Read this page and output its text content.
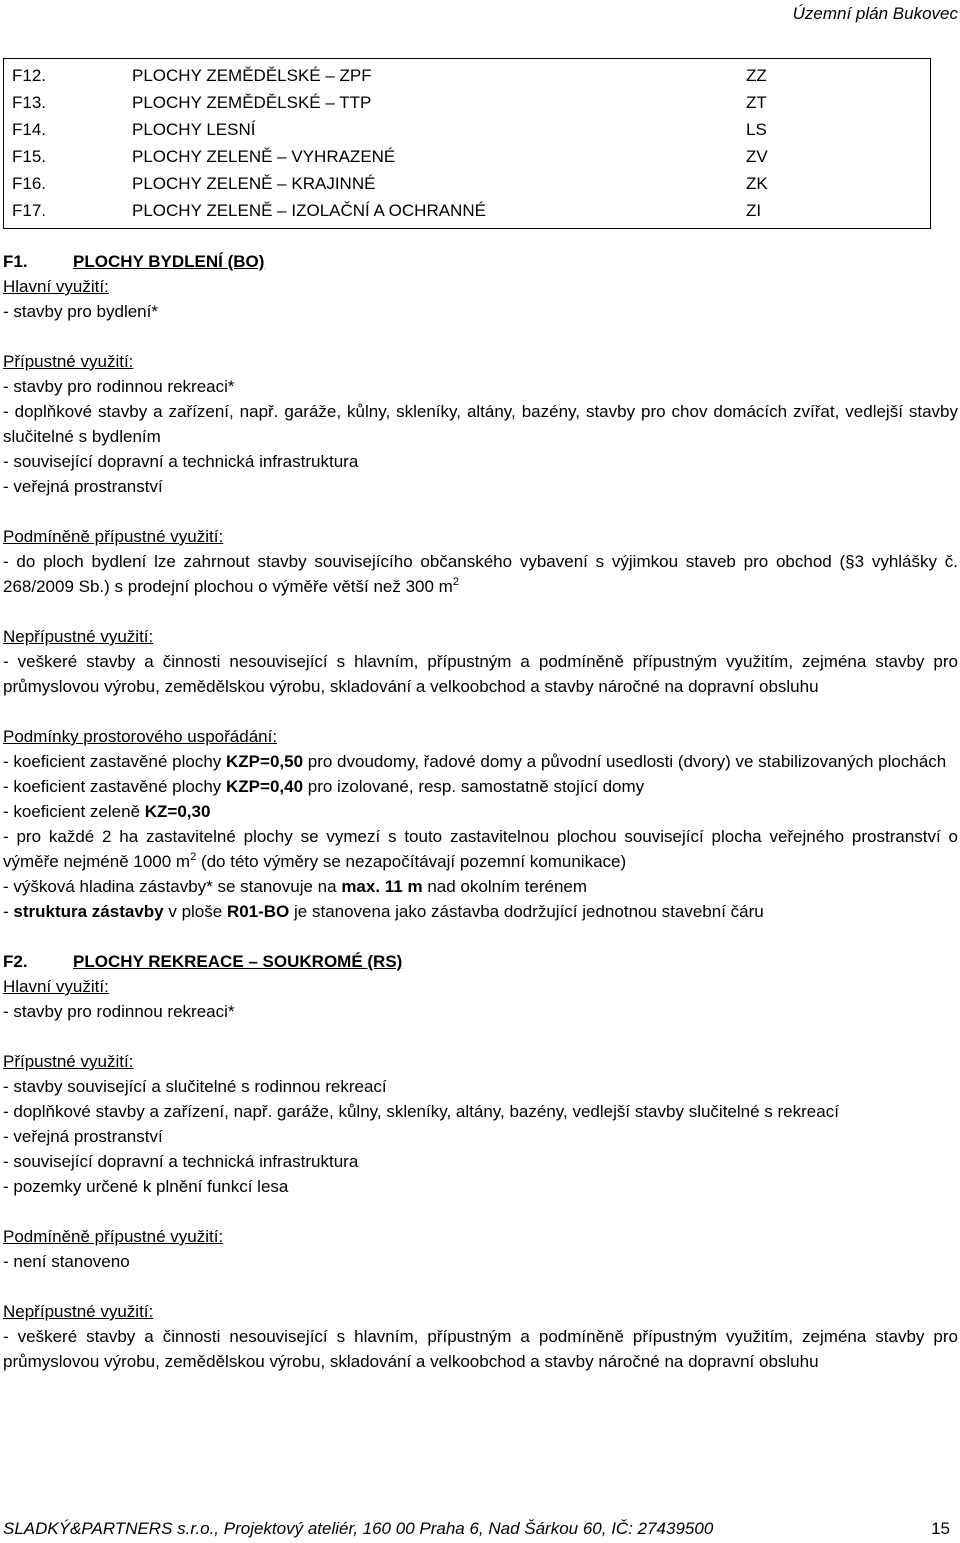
Územní plán Bukovec
F12.	PLOCHY ZEMĚDĚLSKÉ – ZPF	ZZ
F13.	PLOCHY ZEMĚDĚLSKÉ – TTP	ZT
F14.	PLOCHY LESNÍ	LS
F15.	PLOCHY ZELENĚ – VYHRAZENÉ	ZV
F16.	PLOCHY ZELENĚ – KRAJINNÉ	ZK
F17.	PLOCHY ZELENĚ – IZOLAČNÍ A OCHRANNÉ	ZI
F1.	PLOCHY BYDLENÍ (BO)

Hlavní využití:

- stavby pro bydlení*

Přípustné využití:

- stavby pro rodinnou rekreaci*

- doplňkové stavby a zařízení, např. garáže, kůlny, skleníky, altány, bazény, stavby pro chov domácích zvířat, vedlejší stavby slučitelné s bydlením

- související dopravní a technická infrastruktura

- veřejná prostranství

Podmíněně přípustné využití:

- do ploch bydlení lze zahrnout stavby souvisejícího občanského vybavení s výjimkou staveb pro obchod (§3 vyhlášky č. 268/2009 Sb.) s prodejní plochou o výměře větší než 300 $m^2$

Nepřípustné využití:

- veškeré stavby a činnosti nesouvisející s hlavním, přípustným a podmíněně přípustným využitím, zejména stavby pro průmyslovou výrobu, zemědělskou výrobu, skladování a velkoobchod a stavby náročné na dopravní obsluhu

Podmínky prostorového uspořádání:

- koeficient zastavěné plochy KZP=0,50 pro dvoudomy, řadové domy a původní usedlosti (dvory) ve stabilizovaných plochách

- koeficient zastavěné plochy KZP=0,40 pro izolované, resp. samostatně stojící domy

- koeficient zeleně KZ=0,30

- pro každé 2 ha zastavitelné plochy se vymezí s touto zastavitelnou plochou související plocha veřejného prostranství o výměře nejméně 1000 $m^2$ (do této výměry se nezapočítávají pozemní komunikace)

- výšková hladina zástavby* se stanovuje na max. 11 m nad okolním terénem

- struktura zástavby v ploše R01-BO je stanovena jako zástavba dodržující jednotnou stavební čáru

F2.	PLOCHY REKREACE – SOUKROMÉ (RS)

Hlavní využití:

- stavby pro rodinnou rekreaci*

Přípustné využití:

- stavby související a slučitelné s rodinnou rekreací

- doplňkové stavby a zařízení, např. garáže, kůlny, skleníky, altány, bazény, vedlejší stavby slučitelné s rekreací

- veřejná prostranství

- související dopravní a technická infrastruktura

- pozemky určené k plnění funkcí lesa

Podmíněně přípustné využití:

- není stanoveno

Nepřípustné využití:

- veškeré stavby a činnosti nesouvisející s hlavním, přípustným a podmíněně přípustným využitím, zejména stavby pro průmyslovou výrobu, zemědělskou výrobu, skladování a velkoobchod a stavby náročné na dopravní obsluhu

SLADKÝ&PARTNERS s.r.o., Projektový ateliér, 160 00 Praha 6, Nad Šárkou 60, IČ: 27439500	15
